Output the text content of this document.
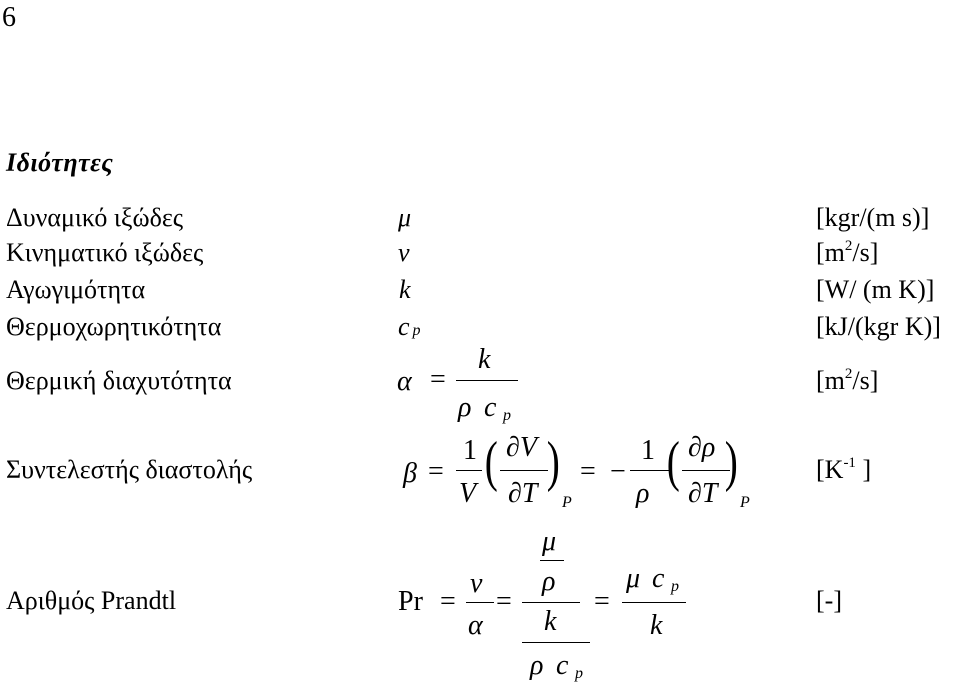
6
Ιδιότητες
Δυναμικό ιξώδες
Κινηματικό ιξώδες
Αγωγιμότητα
Θερμοχωρητικότητα
Θερμική διαχυτότητα
Συντελεστής διαστολής
Αριθμός Prandtl
μ
ν
k
cp
[kgr/(m s)]
$[m^2/s]$
[W/ (m K)]
[kJ/(kgr K)]
$[m^2/s]$
[$K^{-1}$ ]
[-]
α =
k
ρ c p
β =
1
V
( ∂V
∂T
)
P
= −
1
ρ
( ∂ρ
∂T
)
P
Pr =
ν
α
=
μ
ρ
k
ρ c p
=
μ c p
k
